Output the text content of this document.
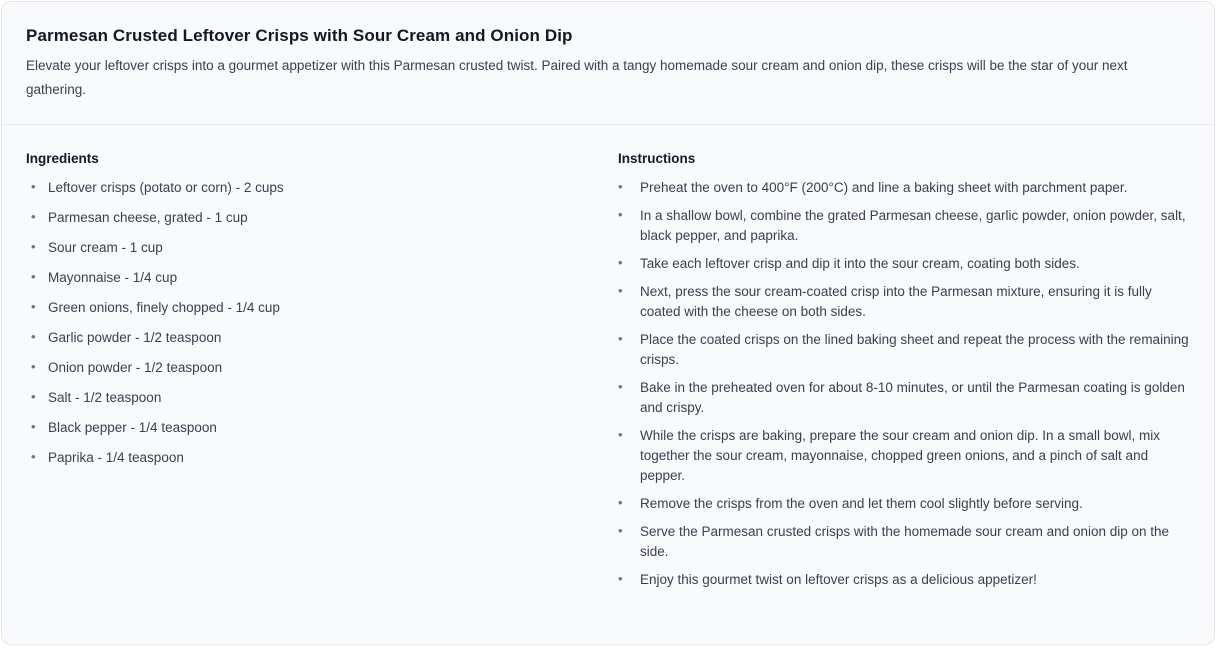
Parmesan Crusted Leftover Crisps with Sour Cream and Onion Dip

Elevate your leftover crisps into a gourmet appetizer with this Parmesan crusted twist. Paired with a tangy homemade sour cream and onion dip, these crisps will be the star of your next gathering.

Ingredients
• Leftover crisps (potato or corn) - 2 cups
• Parmesan cheese, grated - 1 cup
• Sour cream - 1 cup
• Mayonnaise - 1/4 cup
• Green onions, finely chopped - 1/4 cup
• Garlic powder - 1/2 teaspoon
• Onion powder - 1/2 teaspoon
• Salt - 1/2 teaspoon
• Black pepper - 1/4 teaspoon
• Paprika - 1/4 teaspoon
Instructions
• Preheat the oven to 400°F (200°C) and line a baking sheet with parchment paper.
• In a shallow bowl, combine the grated Parmesan cheese, garlic powder, onion powder, salt, black pepper, and paprika.
• Take each leftover crisp and dip it into the sour cream, coating both sides.
• Next, press the sour cream-coated crisp into the Parmesan mixture, ensuring it is fully coated with the cheese on both sides.
• Place the coated crisps on the lined baking sheet and repeat the process with the remaining crisps.
• Bake in the preheated oven for about 8-10 minutes, or until the Parmesan coating is golden and crispy.
• While the crisps are baking, prepare the sour cream and onion dip. In a small bowl, mix together the sour cream, mayonnaise, chopped green onions, and a pinch of salt and pepper.
• Remove the crisps from the oven and let them cool slightly before serving.
• Serve the Parmesan crusted crisps with the homemade sour cream and onion dip on the side.
• Enjoy this gourmet twist on leftover crisps as a delicious appetizer!
